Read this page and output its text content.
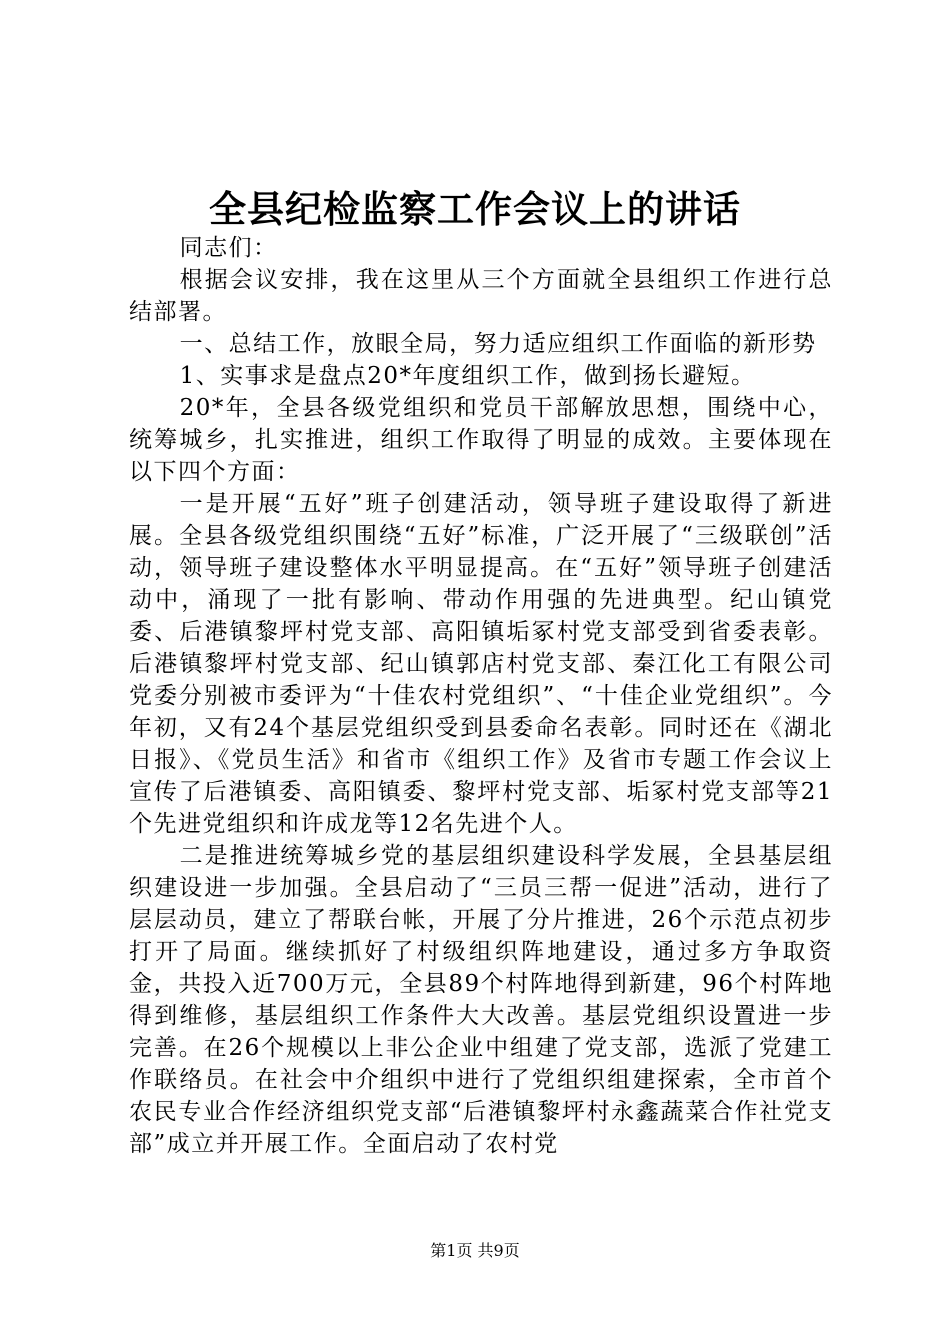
全县纪检监察工作会议上的讲话

同志们：

根据会议安排，我在这里从三个方面就全县组织工作进行总结部署。

一、总结工作，放眼全局，努力适应组织工作面临的新形势

1、实事求是盘点20*年度组织工作，做到扬长避短。

20*年，全县各级党组织和党员干部解放思想，围绕中心，统筹城乡，扎实推进，组织工作取得了明显的成效。主要体现在以下四个方面：

一是开展“五好”班子创建活动，领导班子建设取得了新进展。全县各级党组织围绕“五好”标准，广泛开展了“三级联创”活动，领导班子建设整体水平明显提高。在“五好”领导班子创建活动中，涌现了一批有影响、带动作用强的先进典型。纪山镇党委、后港镇黎坪村党支部、高阳镇垢冢村党支部受到省委表彰。后港镇黎坪村党支部、纪山镇郭店村党支部、秦江化工有限公司党委分别被市委评为“十佳农村党组织”、“十佳企业党组织”。今年初，又有24个基层党组织受到县委命名表彰。同时还在《湖北日报》、《党员生活》和省市《组织工作》及省市专题工作会议上宣传了后港镇委、高阳镇委、黎坪村党支部、垢冢村党支部等21个先进党组织和许成龙等12名先进个人。

二是推进统筹城乡党的基层组织建设科学发展，全县基层组织建设进一步加强。全县启动了“三员三帮一促进”活动，进行了层层动员，建立了帮联台帐，开展了分片推进，26个示范点初步打开了局面。继续抓好了村级组织阵地建设，通过多方争取资金，共投入近700万元，全县89个村阵地得到新建，96个村阵地得到维修，基层组织工作条件大大改善。基层党组织设置进一步完善。在26个规模以上非公企业中组建了党支部，选派了党建工作联络员。在社会中介组织中进行了党组织组建探索，全市首个农民专业合作经济组织党支部“后港镇黎坪村永鑫蔬菜合作社党支部”成立并开展工作。全面启动了农村党

第1页 共9页
